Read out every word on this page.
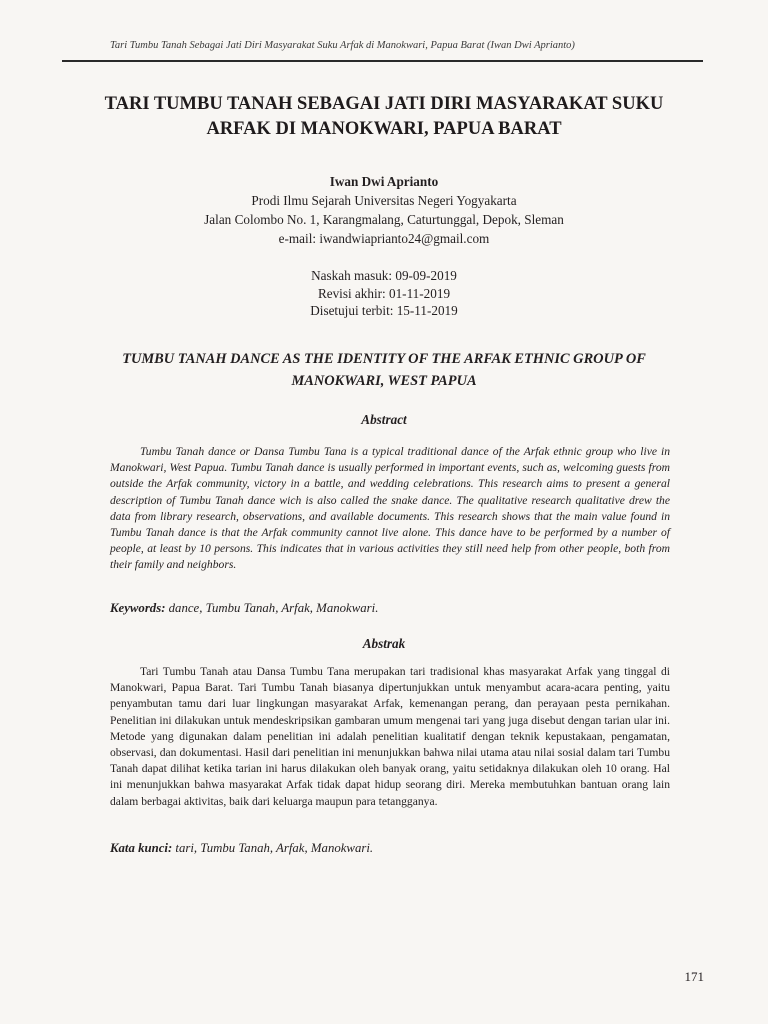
Tari Tumbu Tanah Sebagai Jati Diri Masyarakat Suku Arfak di Manokwari, Papua Barat (Iwan Dwi Aprianto)
TARI TUMBU TANAH SEBAGAI JATI DIRI MASYARAKAT SUKU
ARFAK DI MANOKWARI, PAPUA BARAT
Iwan Dwi Aprianto
Prodi Ilmu Sejarah Universitas Negeri Yogyakarta
Jalan Colombo No. 1, Karangmalang, Caturtunggal, Depok, Sleman
e-mail: iwandwiaprianto24@gmail.com
Naskah masuk: 09-09-2019
Revisi akhir: 01-11-2019
Disetujui terbit: 15-11-2019
TUMBU TANAH DANCE AS THE IDENTITY OF THE ARFAK ETHNIC GROUP OF
MANOKWARI, WEST PAPUA
Abstract

Tumbu Tanah dance or Dansa Tumbu Tana is a typical traditional dance of the Arfak ethnic group who live in Manokwari, West Papua. Tumbu Tanah dance is usually performed in important events, such as, welcoming guests from outside the Arfak community, victory in a battle, and wedding celebrations. This research aims to present a general description of Tumbu Tanah dance wich is also called the snake dance. The qualitative research qualitative drew the data from library research, observations, and available documents. This research shows that the main value found in Tumbu Tanah dance is that the Arfak community cannot live alone. This dance have to be performed by a number of people, at least by 10 persons. This indicates that in various activities they still need help from other people, both from their family and neighbors.

Keywords: dance, Tumbu Tanah, Arfak, Manokwari.

Abstrak

Tari Tumbu Tanah atau Dansa Tumbu Tana merupakan tari tradisional khas masyarakat Arfak yang tinggal di Manokwari, Papua Barat. Tari Tumbu Tanah biasanya dipertunjukkan untuk menyambut acara-acara penting, yaitu penyambutan tamu dari luar lingkungan masyarakat Arfak, kemenangan perang, dan perayaan pesta pernikahan. Penelitian ini dilakukan untuk mendeskripsikan gambaran umum mengenai tari yang juga disebut dengan tarian ular ini. Metode yang digunakan dalam penelitian ini adalah penelitian kualitatif dengan teknik kepustakaan, pengamatan, observasi, dan dokumentasi. Hasil dari penelitian ini menunjukkan bahwa nilai utama atau nilai sosial dalam tari Tumbu Tanah dapat dilihat ketika tarian ini harus dilakukan oleh banyak orang, yaitu setidaknya dilakukan oleh 10 orang. Hal ini menunjukkan bahwa masyarakat Arfak tidak dapat hidup seorang diri. Mereka membutuhkan bantuan orang lain dalam berbagai aktivitas, baik dari keluarga maupun para tetangganya.

Kata kunci: tari, Tumbu Tanah, Arfak, Manokwari.

171
